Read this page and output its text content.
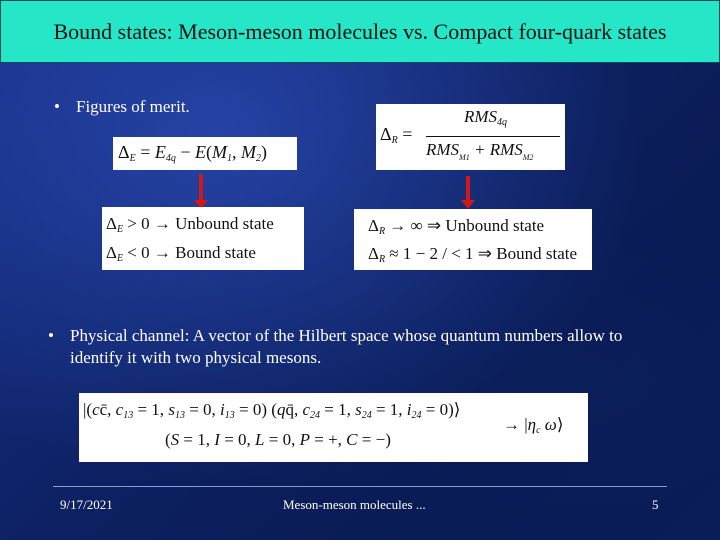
Bound states: Meson-meson molecules vs. Compact four-quark states
• Figures of merit.
$\Delta_E = E_{4q} - E(M_1$, $M_2$)
$\Delta_R$ =
$RMS_{4q}$
$RMS_{M1} + RMS_{M2}$
$\Delta_E > 0$ → Unbound state
$\Delta_E < 0$ → Bound state
$\Delta_R$ → ∞ ⇒ Unbound state
$\Delta_R \approx 1 - 2$ / < 1 ⇒ Bound state
• Physical channel: A vector of the Hilbert space whose quantum numbers allow to identify it with two physical mesons.
|(cc̄, $c_{13} = 1$, $s_{13} = 0$, $i_{13} = 0$) (qq̄, $c_{24} = 1$, $s_{24} = 1$, $i_{24}$ = 0)⟩
(S = 1, I = 0, L = 0, P = +, C = −)
→ $|\eta_c$ ω⟩
9/17/2021	Meson-meson molecules ...	5
